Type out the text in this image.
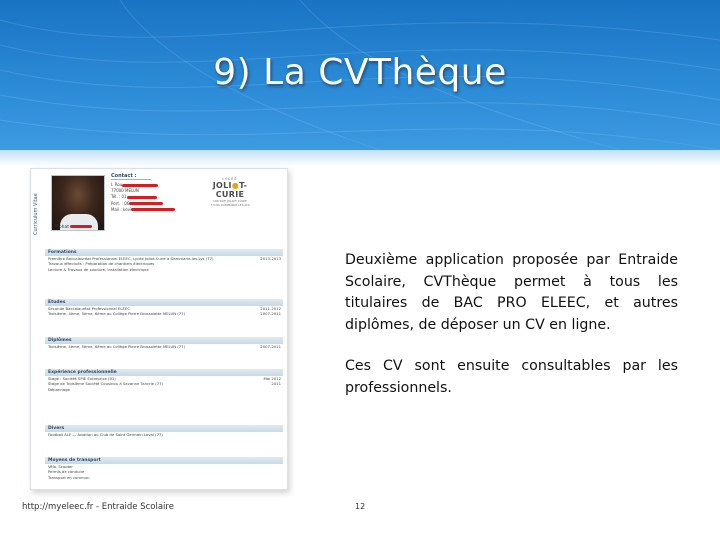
9) La CVThèque
Curriculum Vitae	Mohat
Contact :
I. Rou
77000 MELUN
Tél. : 01
Port. : 06
Mail : kevi
LYCÉE
JOLI●T-CURIE
168 RUE JOLIOT CURIE
77190 DAMMARIE-LES-LYS
Formations
Première Baccalauréat Professionnel ELEEC, Lycée Joliot-Curie à Dammarie-les-Lys (77)	2013-2013
Travaux effectués : Préparation de chantiers électriques
Lecture & Travaux de soudure, Installation électrique
Etudes
Seconde Baccalauréat Professionnel ELEEC	2011-2012
Troisième, 4ème, 5ème, 6ème au Collège Pierre Brossolette MELUN (77)	2007-2011
Diplômes
Troisième, 4ème, 5ème, 6ème au Collège Pierre Brossolette MELUN (77)	2007-2011
Expérience professionnelle
Stage : Société SPIE Entreprise (91)	Mai 2012
Stage de Troisième Société Cousinou à Savanne Tancrie (77)	2011
Dépannage
Divers
Football ALF — Aviation au Club de Saint Germain Laval (77)
Moyens de transport
Vélo, Scooter
Permis de conduire
Transport en commun

Deuxième application proposée par Entraide Scolaire, CVThèque permet à tous les titulaires de BAC PRO ELEEC, et autres diplômes, de déposer un CV en ligne.

Ces CV sont ensuite consultables par les professionnels.

http://myeleec.fr - Entraide Scolaire	12
